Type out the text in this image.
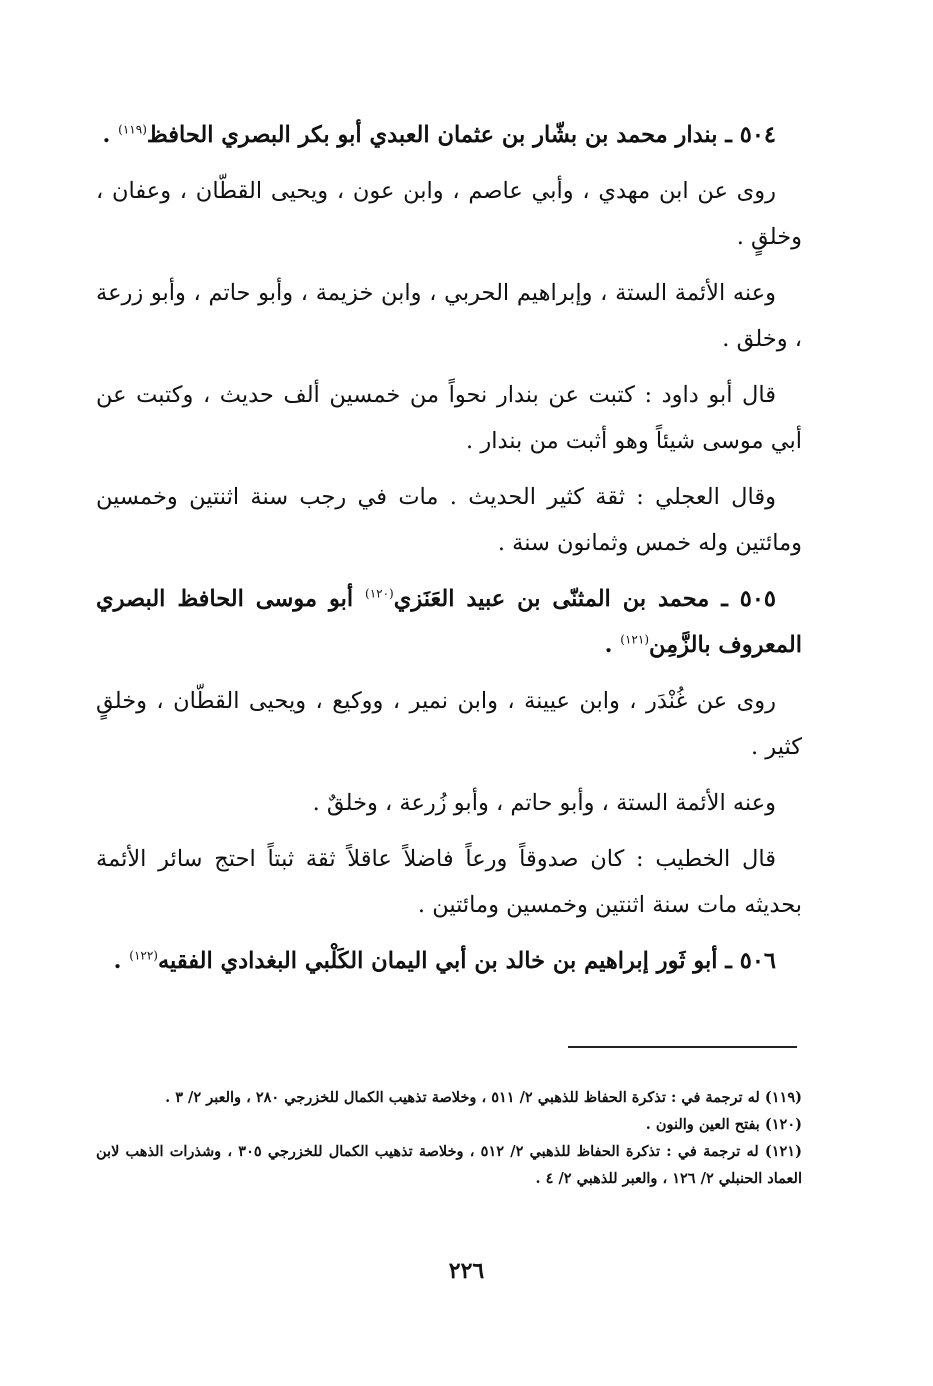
٥٠٤ ـ بندار محمد بن بشّار بن عثمان العبدي أبو بكر البصري الحافظ$^{(١١٩)}$ .

روى عن ابن مهدي ، وأبي عاصم ، وابن عون ، ويحيى القطّان ، وعفان ، وخلقٍ .

وعنه الأئمة الستة ، وإبراهيم الحربي ، وابن خزيمة ، وأبو حاتم ، وأبو زرعة ، وخلق .

قال أبو داود : كتبت عن بندار نحواً من خمسين ألف حديث ، وكتبت عن أبي موسى شيئاً وهو أثبت من بندار .

وقال العجلي : ثقة كثير الحديث . مات في رجب سنة اثنتين وخمسين ومائتين وله خمس وثمانون سنة .

٥٠٥ ـ محمد بن المثنّى بن عبيد العَنَزي$^{(١٢٠)}$ أبو موسى الحافظ البصري المعروف بالزَّمِن$^{(١٢١)}$ .

روى عن غُنْدَر ، وابن عيينة ، وابن نمير ، ووكيع ، ويحيى القطّان ، وخلقٍ كثير .

وعنه الأئمة الستة ، وأبو حاتم ، وأبو زُرعة ، وخلقٌ .

قال الخطيب : كان صدوقاً ورعاً فاضلاً عاقلاً ثقة ثبتاً احتج سائر الأئمة بحديثه مات سنة اثنتين وخمسين ومائتين .

٥٠٦ ـ أبو ثَور إبراهيم بن خالد بن أبي اليمان الكَلْبي البغدادي الفقيه$^{(١٢٢)}$ .

(١١٩) له ترجمة في : تذكرة الحفاظ للذهبي ٢/ ٥١١ ، وخلاصة تذهيب الكمال للخزرجي ٢٨٠ ، والعبر ٢/ ٣ .

(١٢٠) بفتح العين والنون .

(١٢١) له ترجمة في : تذكرة الحفاظ للذهبي ٢/ ٥١٢ ، وخلاصة تذهيب الكمال للخزرجي ٣٠٥ ، وشذرات الذهب لابن العماد الحنبلي ٢/ ١٢٦ ، والعبر للذهبي ٢/ ٤ .

٢٢٦
